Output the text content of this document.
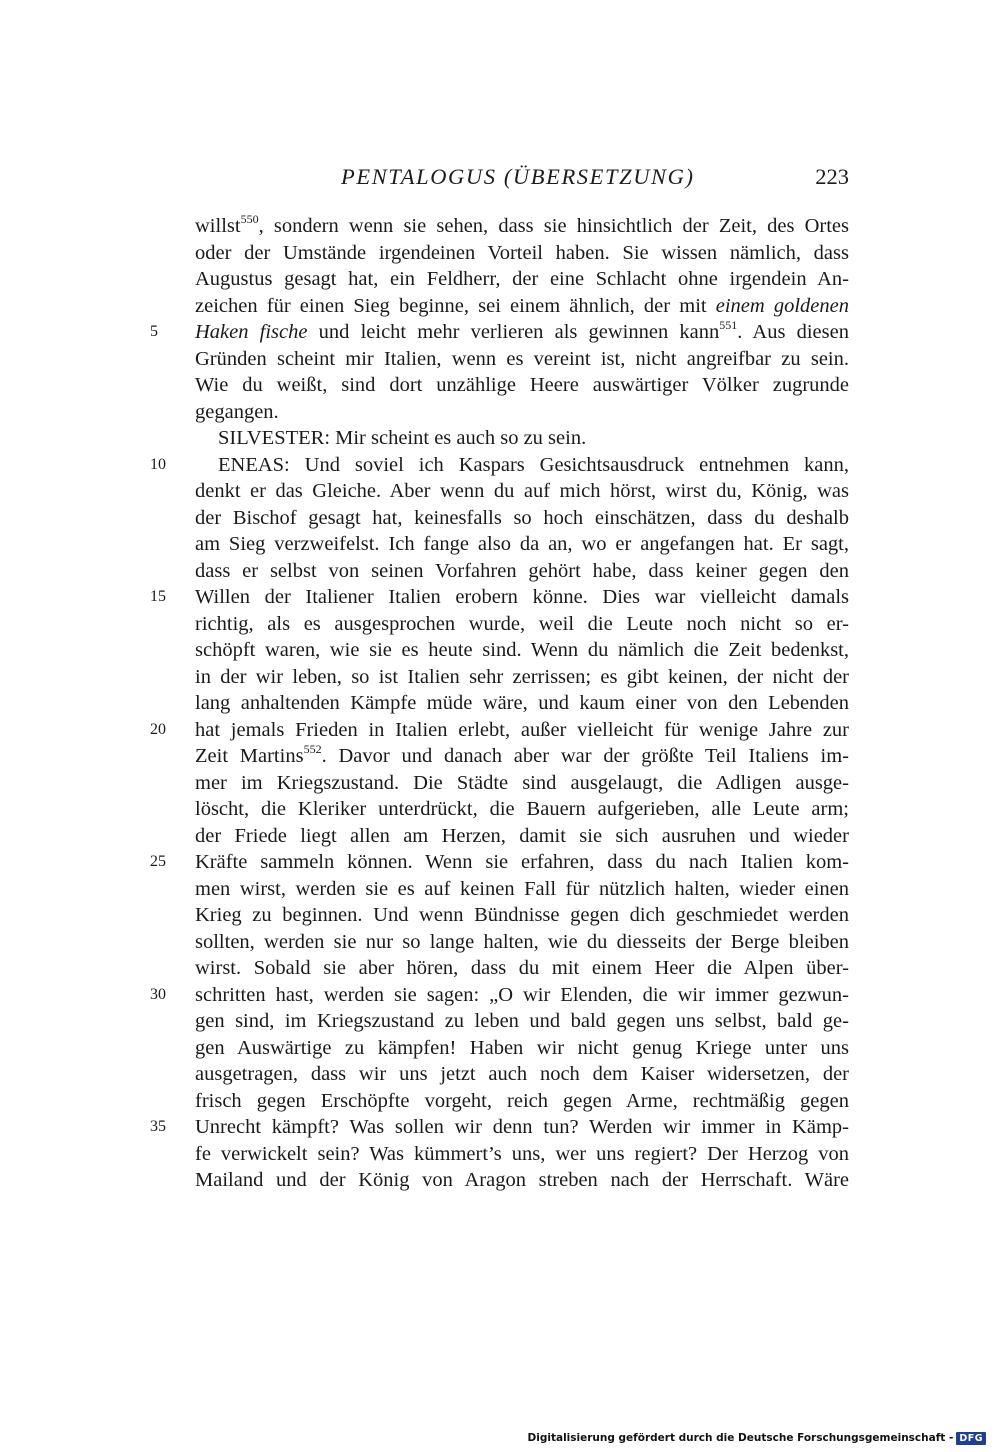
PENTALOGUS (ÜBERSETZUNG)	223
willst$^{550}$, sondern wenn sie sehen, dass sie hinsichtlich der Zeit, des Ortes
oder der Umstände irgendeinen Vorteil haben. Sie wissen nämlich, dass
Augustus gesagt hat, ein Feldherr, der eine Schlacht ohne irgendein An-
zeichen für einen Sieg beginne, sei einem ähnlich, der mit einem goldenen
5	Haken fische und leicht mehr verlieren als gewinnen kann$^{551}$. Aus diesen
Gründen scheint mir Italien, wenn es vereint ist, nicht angreifbar zu sein.
Wie du weißt, sind dort unzählige Heere auswärtiger Völker zugrunde
gegangen.
SILVESTER: Mir scheint es auch so zu sein.
10	ENEAS: Und soviel ich Kaspars Gesichtsausdruck entnehmen kann,
denkt er das Gleiche. Aber wenn du auf mich hörst, wirst du, König, was
der Bischof gesagt hat, keinesfalls so hoch einschätzen, dass du deshalb
am Sieg verzweifelst. Ich fange also da an, wo er angefangen hat. Er sagt,
dass er selbst von seinen Vorfahren gehört habe, dass keiner gegen den
15	Willen der Italiener Italien erobern könne. Dies war vielleicht damals
richtig, als es ausgesprochen wurde, weil die Leute noch nicht so er-
schöpft waren, wie sie es heute sind. Wenn du nämlich die Zeit bedenkst,
in der wir leben, so ist Italien sehr zerrissen; es gibt keinen, der nicht der
lang anhaltenden Kämpfe müde wäre, und kaum einer von den Lebenden
20	hat jemals Frieden in Italien erlebt, außer vielleicht für wenige Jahre zur
Zeit Martins$^{552}$. Davor und danach aber war der größte Teil Italiens im-
mer im Kriegszustand. Die Städte sind ausgelaugt, die Adligen ausge-
löscht, die Kleriker unterdrückt, die Bauern aufgerieben, alle Leute arm;
der Friede liegt allen am Herzen, damit sie sich ausruhen und wieder
25	Kräfte sammeln können. Wenn sie erfahren, dass du nach Italien kom-
men wirst, werden sie es auf keinen Fall für nützlich halten, wieder einen
Krieg zu beginnen. Und wenn Bündnisse gegen dich geschmiedet werden
sollten, werden sie nur so lange halten, wie du diesseits der Berge bleiben
wirst. Sobald sie aber hören, dass du mit einem Heer die Alpen über-
30	schritten hast, werden sie sagen: „O wir Elenden, die wir immer gezwun-
gen sind, im Kriegszustand zu leben und bald gegen uns selbst, bald ge-
gen Auswärtige zu kämpfen! Haben wir nicht genug Kriege unter uns
ausgetragen, dass wir uns jetzt auch noch dem Kaiser widersetzen, der
frisch gegen Erschöpfte vorgeht, reich gegen Arme, rechtmäßig gegen
35	Unrecht kämpft? Was sollen wir denn tun? Werden wir immer in Kämp-
fe verwickelt sein? Was kümmert’s uns, wer uns regiert? Der Herzog von
Mailand und der König von Aragon streben nach der Herrschaft. Wäre
Digitalisierung gefördert durch die Deutsche Forschungsgemeinschaft - DFG
